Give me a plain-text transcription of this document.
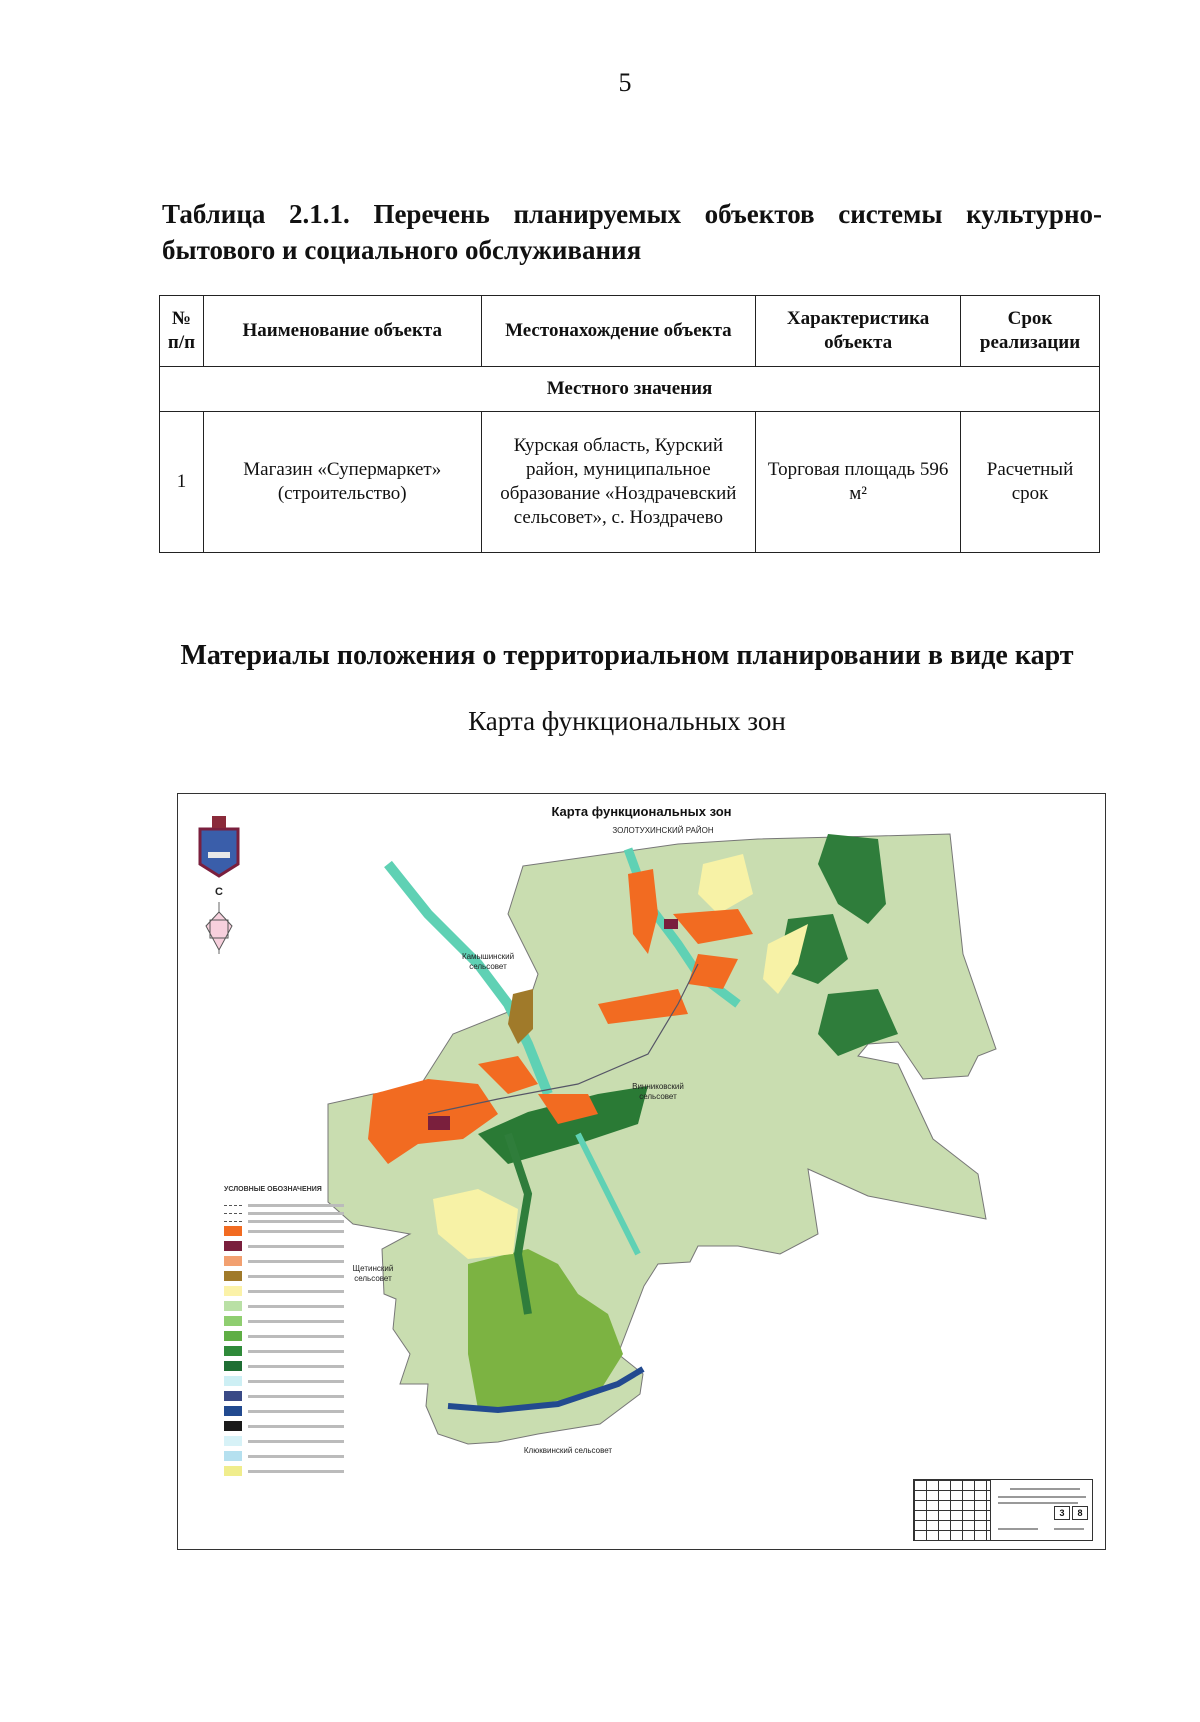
5
Таблица 2.1.1. Перечень планируемых объектов системы культурно-бытового и социального обслуживания
№ п/п	Наименование объекта	Местонахождение объекта	Характеристика объекта	Срок реализации
Местного значения				
1	Магазин «Супермаркет» (строительство)	Курская область, Курский район, муниципальное образование «Ноздрачевский сельсовет», с. Ноздрачево	Торговая площадь 596 м²	Расчетный срок
Материалы положения о территориальном планировании в виде карт
Карта функциональных зон
Карта функциональных зон
С
ЗОЛОТУХИНСКИЙ РАЙОН
Камышинский сельсовет
Винниковский сельсовет
Щетинский сельсовет
Клюквинский сельсовет
УСЛОВНЫЕ ОБОЗНАЧЕНИЯ
3	8
